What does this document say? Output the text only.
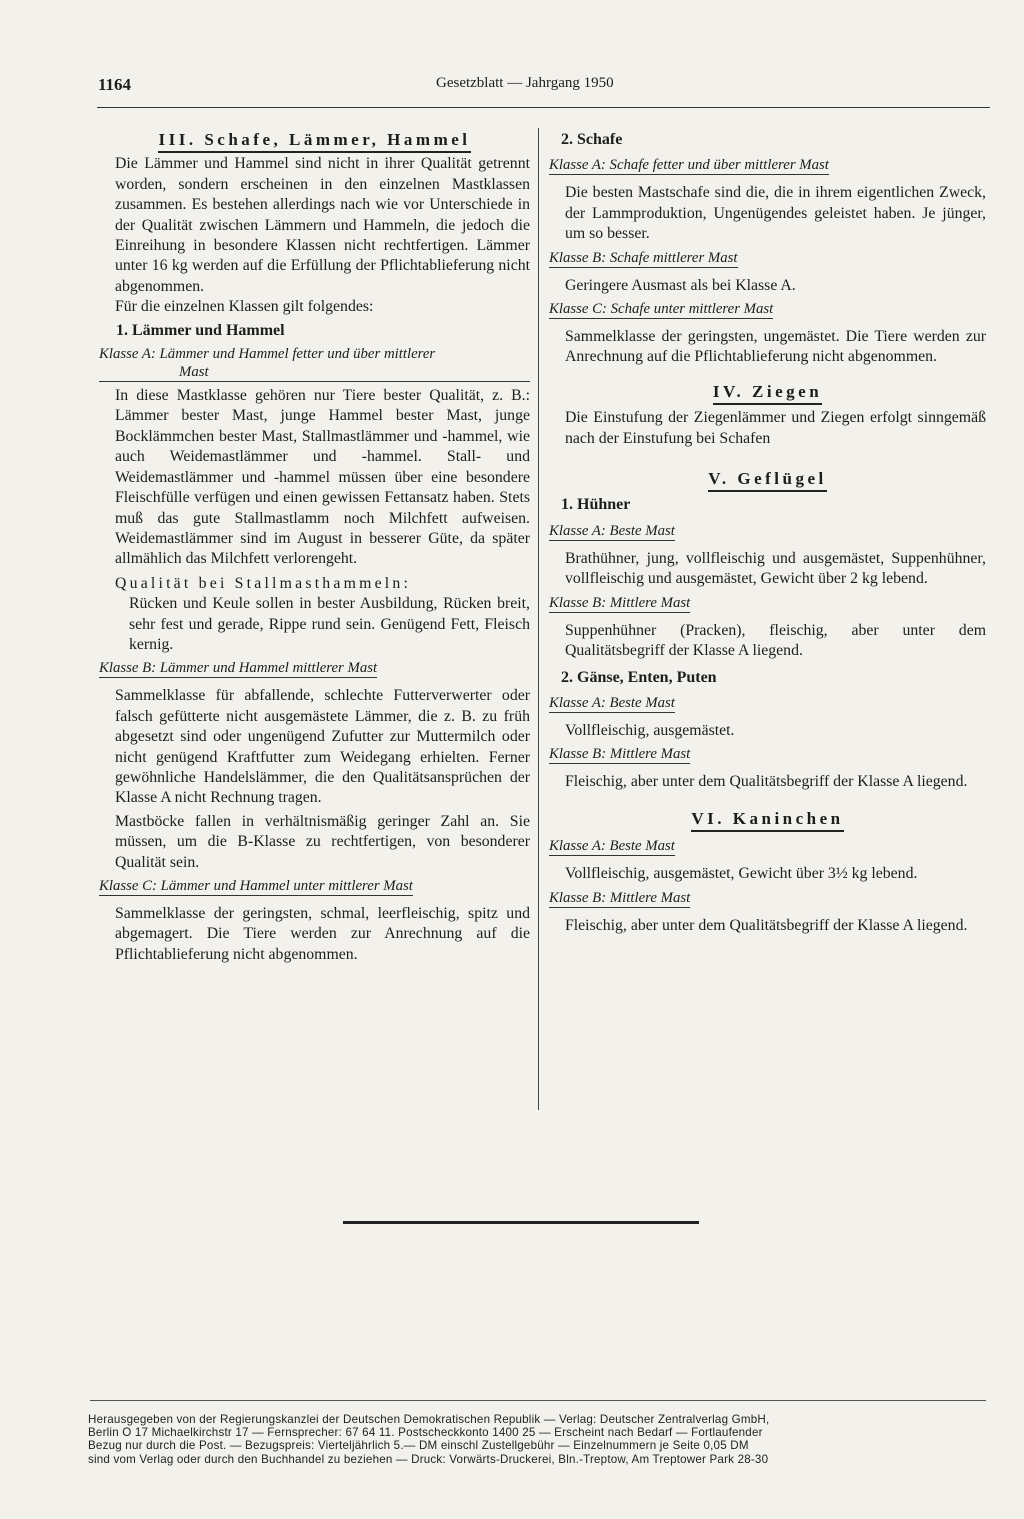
1164	Gesetzblatt — Jahrgang 1950
III. Schafe, Lämmer, Hammel

Die Lämmer und Hammel sind nicht in ihrer Qualität getrennt worden, sondern erscheinen in den einzelnen Mastklassen zusammen. Es bestehen allerdings nach wie vor Unterschiede in der Qualität zwischen Lämmern und Hammeln, die jedoch die Einreihung in besondere Klassen nicht rechtfertigen. Lämmer unter 16 kg werden auf die Erfüllung der Pflichtablieferung nicht abgenommen.

Für die einzelnen Klassen gilt folgendes:

1. Lämmer und Hammel
Klasse A: Lämmer und Hammel fetter und über mittlerer
Mast

In diese Mastklasse gehören nur Tiere bester Qualität, z. B.: Lämmer bester Mast, junge Hammel bester Mast, junge Bocklämmchen bester Mast, Stallmastlämmer und -hammel, wie auch Weidemastlämmer und -hammel. Stall- und Weidemastlämmer und -hammel müssen über eine besondere Fleischfülle verfügen und einen gewissen Fettansatz haben. Stets muß das gute Stallmastlamm noch Milchfett aufweisen. Weidemastlämmer sind im August in besserer Güte, da später allmählich das Milchfett verlorengeht.

Qualität bei Stallmasthammeln:

Rücken und Keule sollen in bester Ausbildung, Rücken breit, sehr fest und gerade, Rippe rund sein. Genügend Fett, Fleisch kernig.

Klasse B: Lämmer und Hammel mittlerer Mast

Sammelklasse für abfallende, schlechte Futterverwerter oder falsch gefütterte nicht ausgemästete Lämmer, die z. B. zu früh abgesetzt sind oder ungenügend Zufutter zur Muttermilch oder nicht genügend Kraftfutter zum Weidegang erhielten. Ferner gewöhnliche Handelslämmer, die den Qualitätsansprüchen der Klasse A nicht Rechnung tragen.

Mastböcke fallen in verhältnismäßig geringer Zahl an. Sie müssen, um die B-Klasse zu rechtfertigen, von besonderer Qualität sein.

Klasse C: Lämmer und Hammel unter mittlerer Mast

Sammelklasse der geringsten, schmal, leerfleischig, spitz und abgemagert. Die Tiere werden zur Anrechnung auf die Pflichtablieferung nicht abgenommen.

2. Schafe
Klasse A: Schafe fetter und über mittlerer Mast

Die besten Mastschafe sind die, die in ihrem eigentlichen Zweck, der Lammproduktion, Ungenügendes geleistet haben. Je jünger, um so besser.

Klasse B: Schafe mittlerer Mast

Geringere Ausmast als bei Klasse A.

Klasse C: Schafe unter mittlerer Mast

Sammelklasse der geringsten, ungemästet. Die Tiere werden zur Anrechnung auf die Pflichtablieferung nicht abgenommen.

IV. Ziegen

Die Einstufung der Ziegenlämmer und Ziegen erfolgt sinngemäß nach der Einstufung bei Schafen

V. Geflügel
1. Hühner
Klasse A: Beste Mast

Brathühner, jung, vollfleischig und ausgemästet, Suppenhühner, vollfleischig und ausgemästet, Gewicht über 2 kg lebend.

Klasse B: Mittlere Mast

Suppenhühner (Pracken), fleischig, aber unter dem Qualitätsbegriff der Klasse A liegend.

2. Gänse, Enten, Puten
Klasse A: Beste Mast

Vollfleischig, ausgemästet.

Klasse B: Mittlere Mast

Fleischig, aber unter dem Qualitätsbegriff der Klasse A liegend.

VI. Kaninchen
Klasse A: Beste Mast

Vollfleischig, ausgemästet, Gewicht über 3½ kg lebend.

Klasse B: Mittlere Mast

Fleischig, aber unter dem Qualitätsbegriff der Klasse A liegend.

Herausgegeben von der Regierungskanzlei der Deutschen Demokratischen Republik — Verlag: Deutscher Zentralverlag GmbH,
Berlin O 17 Michaelkirchstr 17 — Fernsprecher: 67 64 11. Postscheckkonto 1400 25 — Erscheint nach Bedarf — Fortlaufender
Bezug nur durch die Post. — Bezugspreis: Vierteljährlich 5.— DM einschl Zustellgebühr — Einzelnummern je Seite 0,05 DM
sind vom Verlag oder durch den Buchhandel zu beziehen — Druck: Vorwärts-Druckerei, Bln.-Treptow, Am Treptower Park 28-30
